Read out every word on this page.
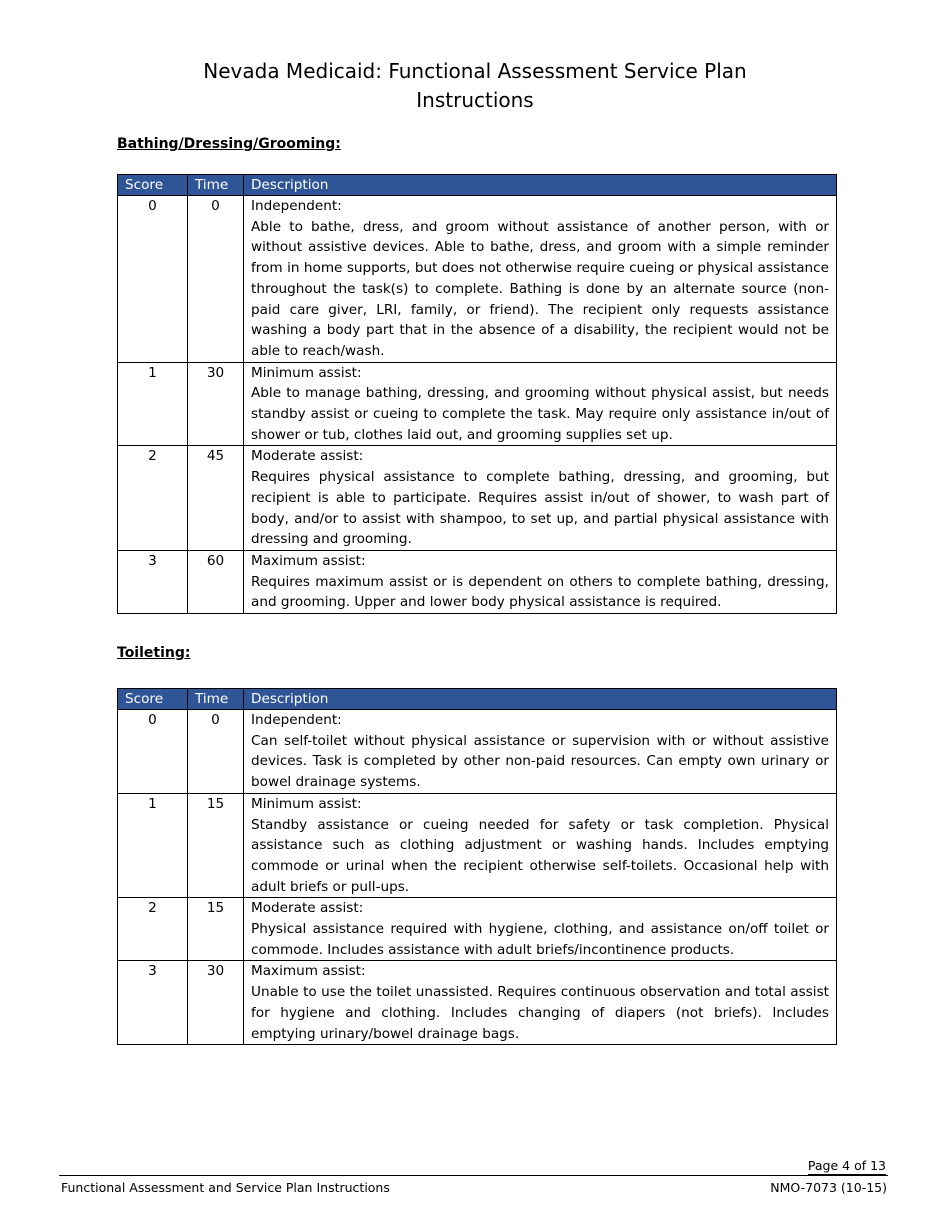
Nevada Medicaid: Functional Assessment Service Plan
Instructions
Bathing/Dressing/Grooming:
Score	Time	Description
0	0	Independent:
Able to bathe, dress, and groom without assistance of another person, with or without assistive devices. Able to bathe, dress, and groom with a simple reminder from in home supports, but does not otherwise require cueing or physical assistance throughout the task(s) to complete. Bathing is done by an alternate source (non-paid care giver, LRI, family, or friend). The recipient only requests assistance washing a body part that in the absence of a disability, the recipient would not be able to reach/wash.

1	30	Minimum assist:
Able to manage bathing, dressing, and grooming without physical assist, but needs standby assist or cueing to complete the task. May require only assistance in/out of shower or tub, clothes laid out, and grooming supplies set up.

2	45	Moderate assist:
Requires physical assistance to complete bathing, dressing, and grooming, but recipient is able to participate. Requires assist in/out of shower, to wash part of body, and/or to assist with shampoo, to set up, and partial physical assistance with dressing and grooming.

3	60	Maximum assist:
Requires maximum assist or is dependent on others to complete bathing, dressing, and grooming. Upper and lower body physical assistance is required.
Toileting:
Score	Time	Description
0	0	Independent:
Can self-toilet without physical assistance or supervision with or without assistive devices. Task is completed by other non-paid resources. Can empty own urinary or bowel drainage systems.

1	15	Minimum assist:
Standby assistance or cueing needed for safety or task completion. Physical assistance such as clothing adjustment or washing hands. Includes emptying commode or urinal when the recipient otherwise self-toilets. Occasional help with adult briefs or pull-ups.

2	15	Moderate assist:
Physical assistance required with hygiene, clothing, and assistance on/off toilet or commode. Includes assistance with adult briefs/incontinence products.

3	30	Maximum assist:
Unable to use the toilet unassisted. Requires continuous observation and total assist for hygiene and clothing. Includes changing of diapers (not briefs). Includes emptying urinary/bowel drainage bags.
Page 4 of 13
Functional Assessment and Service Plan Instructions	NMO-7073 (10-15)
